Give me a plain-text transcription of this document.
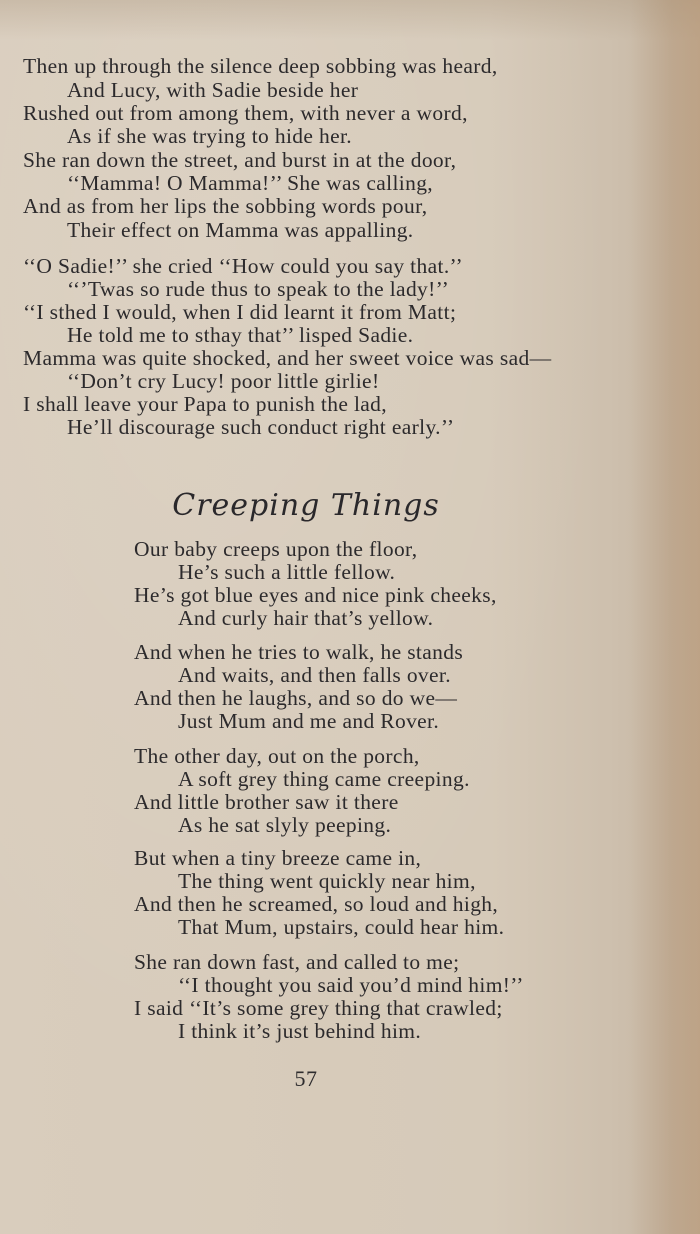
Then up through the silence deep sobbing was heard,
And Lucy, with Sadie beside her
Rushed out from among them, with never a word,
As if she was trying to hide her.
She ran down the street, and burst in at the door,
‘‘Mamma! O Mamma!’’ She was calling,
And as from her lips the sobbing words pour,
Their effect on Mamma was appalling.
‘‘O Sadie!’’ she cried ‘‘How could you say that.’’
‘‘’Twas so rude thus to speak to the lady!’’
‘‘I sthed I would, when I did learnt it from Matt;
He told me to sthay that’’ lisped Sadie.
Mamma was quite shocked, and her sweet voice was sad—
‘‘Don’t cry Lucy! poor little girlie!
I shall leave your Papa to punish the lad,
He’ll discourage such conduct right early.’’
Creeping Things
Our baby creeps upon the floor,
He’s such a little fellow.
He’s got blue eyes and nice pink cheeks,
And curly hair that’s yellow.
And when he tries to walk, he stands
And waits, and then falls over.
And then he laughs, and so do we—
Just Mum and me and Rover.
The other day, out on the porch,
A soft grey thing came creeping.
And little brother saw it there
As he sat slyly peeping.
But when a tiny breeze came in,
The thing went quickly near him,
And then he screamed, so loud and high,
That Mum, upstairs, could hear him.
She ran down fast, and called to me;
‘‘I thought you said you’d mind him!’’
I said ‘‘It’s some grey thing that crawled;
I think it’s just behind him.
57
